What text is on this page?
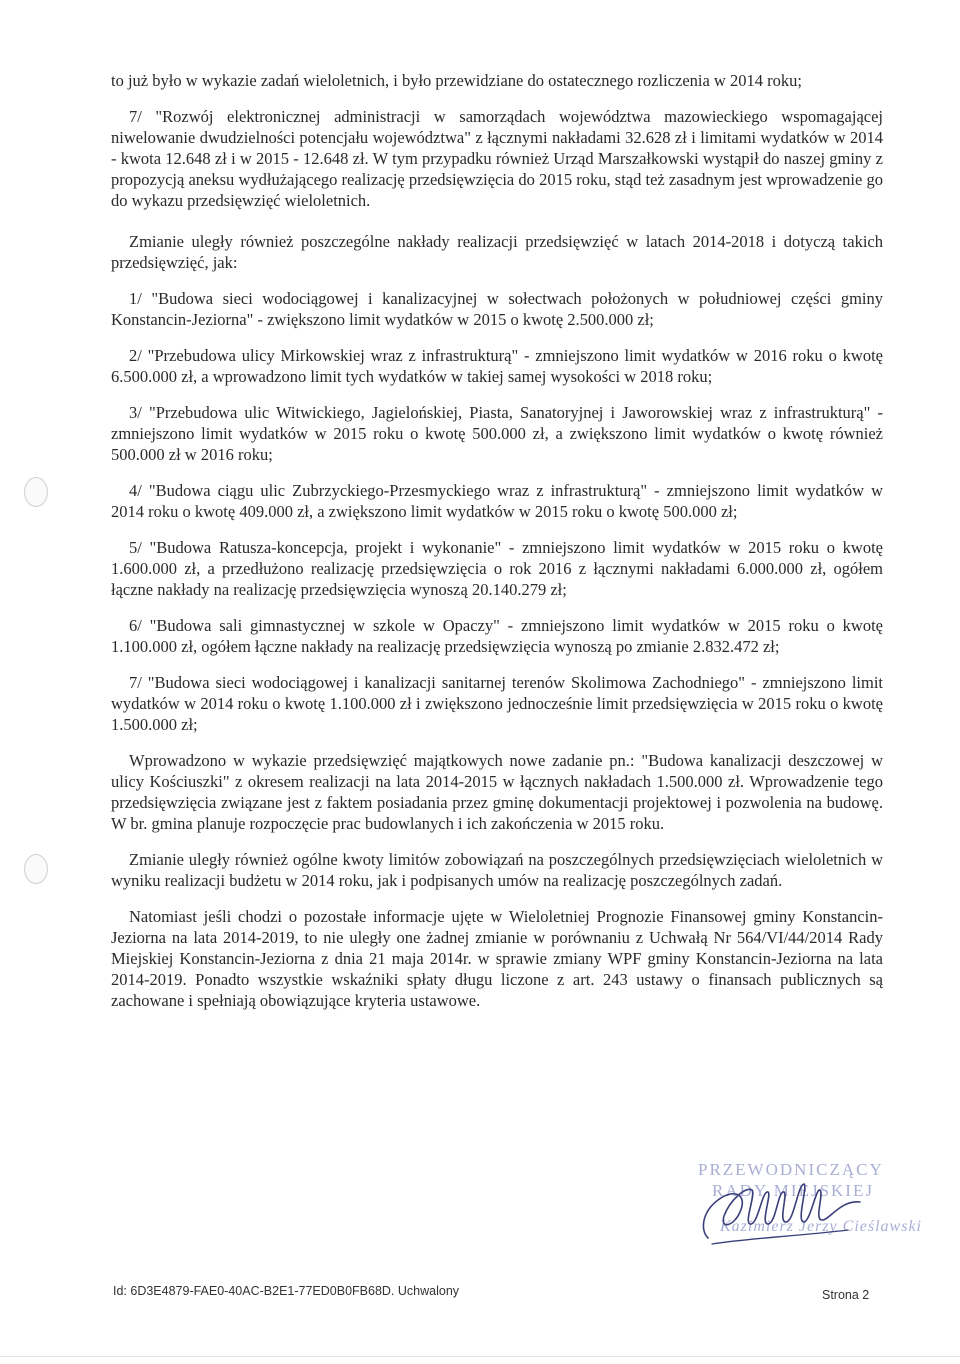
to już było w wykazie zadań wieloletnich, i było przewidziane do ostatecznego rozliczenia w 2014 roku;

7/ "Rozwój elektronicznej administracji w samorządach województwa mazowieckiego wspomagającej niwelowanie dwudzielności potencjału województwa" z łącznymi nakładami 32.628 zł i limitami wydatków w 2014 - kwota 12.648 zł i w 2015 - 12.648 zł. W tym przypadku również Urząd Marszałkowski wystąpił do naszej gminy z propozycją aneksu wydłużającego realizację przedsięwzięcia do 2015 roku, stąd też zasadnym jest wprowadzenie go do wykazu przedsięwzięć wieloletnich.

Zmianie uległy również poszczególne nakłady realizacji przedsięwzięć w latach 2014-2018 i dotyczą takich przedsięwzięć, jak:

1/ "Budowa sieci wodociągowej i kanalizacyjnej w sołectwach położonych w południowej części gminy Konstancin-Jeziorna" - zwiększono limit wydatków w 2015 o kwotę 2.500.000 zł;

2/ "Przebudowa ulicy Mirkowskiej wraz z infrastrukturą" - zmniejszono limit wydatków w 2016 roku o kwotę 6.500.000 zł, a wprowadzono limit tych wydatków w takiej samej wysokości w 2018 roku;

3/ "Przebudowa ulic Witwickiego, Jagielońskiej, Piasta, Sanatoryjnej i Jaworowskiej wraz z infrastrukturą" - zmniejszono limit wydatków w 2015 roku o kwotę 500.000 zł, a zwiększono limit wydatków o kwotę również 500.000 zł w 2016 roku;

4/ "Budowa ciągu ulic Zubrzyckiego-Przesmyckiego wraz z infrastrukturą" - zmniejszono limit wydatków w 2014 roku o kwotę 409.000 zł, a zwiększono limit wydatków w 2015 roku o kwotę 500.000 zł;

5/ "Budowa Ratusza-koncepcja, projekt i wykonanie" - zmniejszono limit wydatków w 2015 roku o kwotę 1.600.000 zł, a przedłużono realizację przedsięwzięcia o rok 2016 z łącznymi nakładami 6.000.000 zł, ogółem łączne nakłady na realizację przedsięwzięcia wynoszą 20.140.279 zł;

6/ "Budowa sali gimnastycznej w szkole w Opaczy" - zmniejszono limit wydatków w 2015 roku o kwotę 1.100.000 zł, ogółem łączne nakłady na realizację przedsięwzięcia wynoszą po zmianie 2.832.472 zł;

7/ "Budowa sieci wodociągowej i kanalizacji sanitarnej terenów Skolimowa Zachodniego" - zmniejszono limit wydatków w 2014 roku o kwotę 1.100.000 zł i zwiększono jednocześnie limit przedsięwzięcia w 2015 roku o kwotę 1.500.000 zł;

Wprowadzono w wykazie przedsięwzięć majątkowych nowe zadanie pn.: "Budowa kanalizacji deszczowej w ulicy Kościuszki" z okresem realizacji na lata 2014-2015 w łącznych nakładach 1.500.000 zł. Wprowadzenie tego przedsięwzięcia związane jest z faktem posiadania przez gminę dokumentacji projektowej i pozwolenia na budowę. W br. gmina planuje rozpoczęcie prac budowlanych i ich zakończenia w 2015 roku.

Zmianie uległy również ogólne kwoty limitów zobowiązań na poszczególnych przedsięwzięciach wieloletnich w wyniku realizacji budżetu w 2014 roku, jak i podpisanych umów na realizację poszczególnych zadań.

Natomiast jeśli chodzi o pozostałe informacje ujęte w Wieloletniej Prognozie Finansowej gminy Konstancin-Jeziorna na lata 2014-2019, to nie uległy one żadnej zmianie w porównaniu z Uchwałą Nr 564/VI/44/2014 Rady Miejskiej Konstancin-Jeziorna z dnia 21 maja 2014r. w sprawie zmiany WPF gminy Konstancin-Jeziorna na lata 2014-2019. Ponadto wszystkie wskaźniki spłaty długu liczone z art. 243 ustawy o finansach publicznych są zachowane i spełniają obowiązujące kryteria ustawowe.

PRZEWODNICZĄCY
RADY MIEJSKIEJ
Kazimierz Jerzy Cieślawski
Id: 6D3E4879-FAE0-40AC-B2E1-77ED0B0FB68D. Uchwalony	Strona 2
